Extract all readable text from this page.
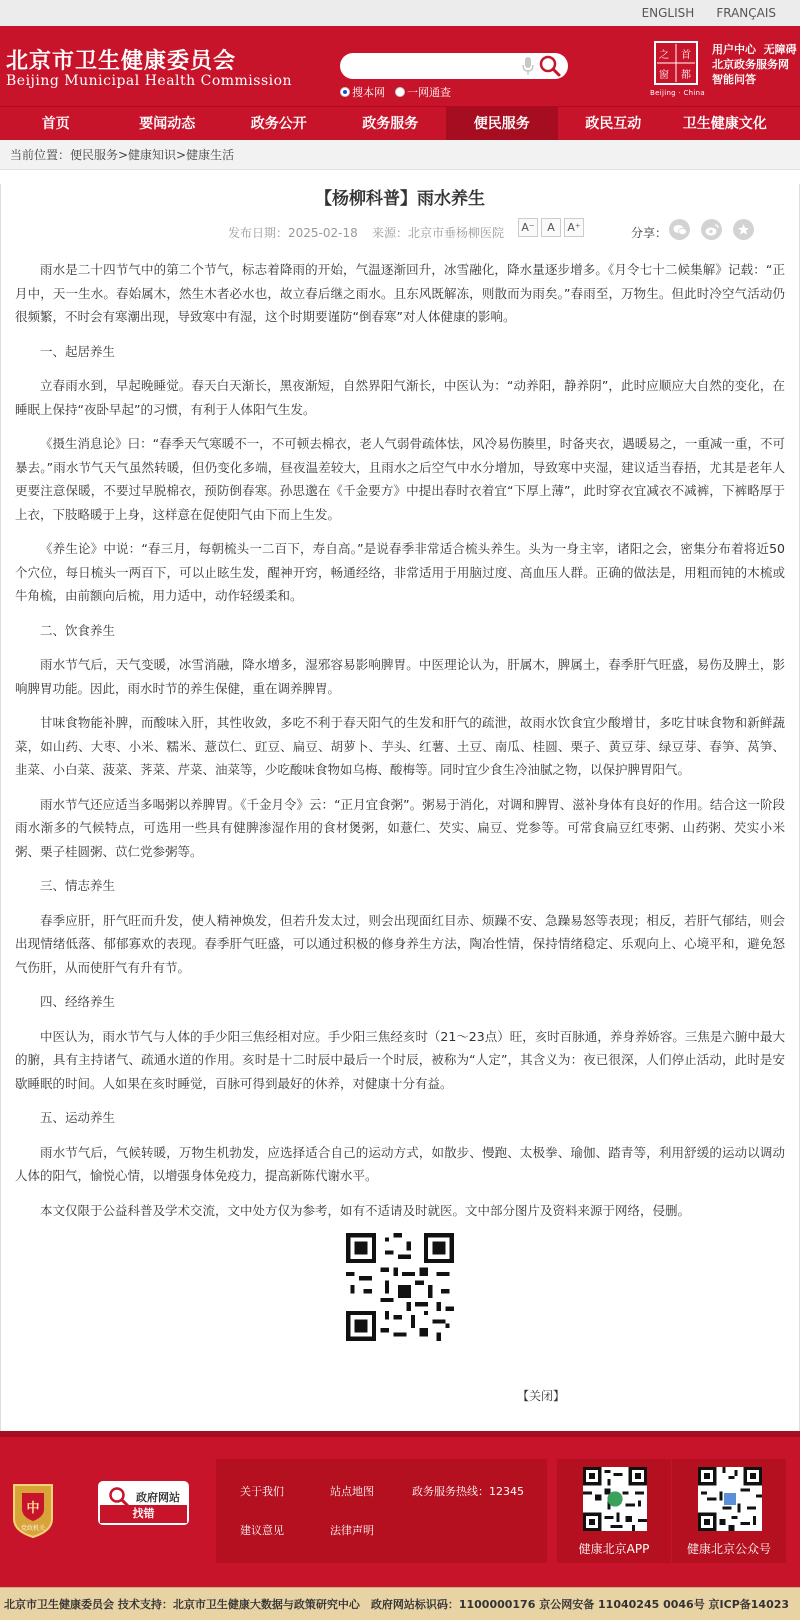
ENGLISH FRANÇAIS
北京市卫生健康委员会
Beijing Municipal Health Commission
搜本网 一网通查
首
之
都
窗
Beijing · China
用户中心 无障碍
北京政务服务网
智能问答
首页	要闻动态	政务公开	政务服务	便民服务	政民互动	卫生健康文化
当前位置：便民服务>健康知识>健康生活
【杨柳科普】雨水养生
发布日期：2025-02-18 来源：北京市垂杨柳医院	A⁻	A	A⁺	分享：

雨水是二十四节气中的第二个节气，标志着降雨的开始，气温逐渐回升，冰雪融化，降水量逐步增多。《月令七十二候集解》记载：“正月中，天一生水。春始属木，然生木者必水也，故立春后继之雨水。且东风既解冻，则散而为雨矣。”春雨至，万物生。但此时冷空气活动仍很频繁，不时会有寒潮出现，导致寒中有湿，这个时期要谨防“倒春寒”对人体健康的影响。

一、起居养生

立春雨水到，早起晚睡觉。春天白天渐长，黑夜渐短，自然界阳气渐长，中医认为：“动养阳，静养阴”，此时应顺应大自然的变化，在睡眠上保持“夜卧早起”的习惯，有利于人体阳气生发。

《摄生消息论》曰：“春季天气寒暖不一，不可顿去棉衣，老人气弱骨疏体怯，风冷易伤腠里，时备夹衣，遇暖易之，一重减一重，不可暴去。”雨水节气天气虽然转暖，但仍变化多端，昼夜温差较大，且雨水之后空气中水分增加，导致寒中夹湿，建议适当春捂，尤其是老年人更要注意保暖，不要过早脱棉衣，预防倒春寒。孙思邈在《千金要方》中提出春时衣着宜“下厚上薄”，此时穿衣宜减衣不减裤，下裤略厚于上衣，下肢略暖于上身，这样意在促使阳气由下而上生发。

《养生论》中说：“春三月，每朝梳头一二百下，寿自高。”是说春季非常适合梳头养生。头为一身主宰，诸阳之会，密集分布着将近50个穴位，每日梳头一两百下，可以止眩生发，醒神开窍，畅通经络，非常适用于用脑过度、高血压人群。正确的做法是，用粗而钝的木梳或牛角梳，由前额向后梳，用力适中，动作轻缓柔和。

二、饮食养生

雨水节气后，天气变暖，冰雪消融，降水增多，湿邪容易影响脾胃。中医理论认为，肝属木，脾属土，春季肝气旺盛，易伤及脾土，影响脾胃功能。因此，雨水时节的养生保健，重在调养脾胃。

甘味食物能补脾，而酸味入肝，其性收敛，多吃不利于春天阳气的生发和肝气的疏泄，故雨水饮食宜少酸增甘，多吃甘味食物和新鲜蔬菜，如山药、大枣、小米、糯米、薏苡仁、豇豆、扁豆、胡萝卜、芋头、红薯、土豆、南瓜、桂圆、栗子、黄豆芽、绿豆芽、春笋、莴笋、韭菜、小白菜、菠菜、荠菜、芹菜、油菜等，少吃酸味食物如乌梅、酸梅等。同时宜少食生冷油腻之物，以保护脾胃阳气。

雨水节气还应适当多喝粥以养脾胃。《千金月令》云：“正月宜食粥”。粥易于消化，对调和脾胃、滋补身体有良好的作用。结合这一阶段雨水渐多的气候特点，可选用一些具有健脾渗湿作用的食材煲粥，如薏仁、芡实、扁豆、党参等。可常食扁豆红枣粥、山药粥、芡实小米粥、栗子桂圆粥、苡仁党参粥等。

三、情志养生

春季应肝，肝气旺而升发，使人精神焕发，但若升发太过，则会出现面红目赤、烦躁不安、急躁易怒等表现；相反，若肝气郁结，则会出现情绪低落、郁郁寡欢的表现。春季肝气旺盛，可以通过积极的修身养生方法，陶冶性情，保持情绪稳定、乐观向上、心境平和，避免怒气伤肝，从而使肝气有升有节。

四、经络养生

中医认为，雨水节气与人体的手少阳三焦经相对应。手少阳三焦经亥时（21～23点）旺，亥时百脉通，养身养娇容。三焦是六腑中最大的腑，具有主持诸气、疏通水道的作用。亥时是十二时辰中最后一个时辰，被称为“人定”，其含义为：夜已很深，人们停止活动，此时是安歇睡眠的时间。人如果在亥时睡觉，百脉可得到最好的休养，对健康十分有益。

五、运动养生

雨水节气后，气候转暖，万物生机勃发，应选择适合自己的运动方式，如散步、慢跑、太极拳、瑜伽、踏青等，利用舒缓的运动以调动人体的阳气，愉悦心情，以增强身体免疫力，提高新陈代谢水平。

本文仅限于公益科普及学术交流，文中处方仅为参考，如有不适请及时就医。文中部分图片及资料来源于网络，侵删。

【关闭】
中
党政机关
政府网站
找错
关于我们	站点地图	政务服务热线：12345
建议意见	法律声明
健康北京APP	健康北京公众号
北京市卫生健康委员会 技术支持：北京市卫生健康大数据与政策研究中心　政府网站标识码：1100000176 京公网安备 11040245 0046号 京ICP备14023
